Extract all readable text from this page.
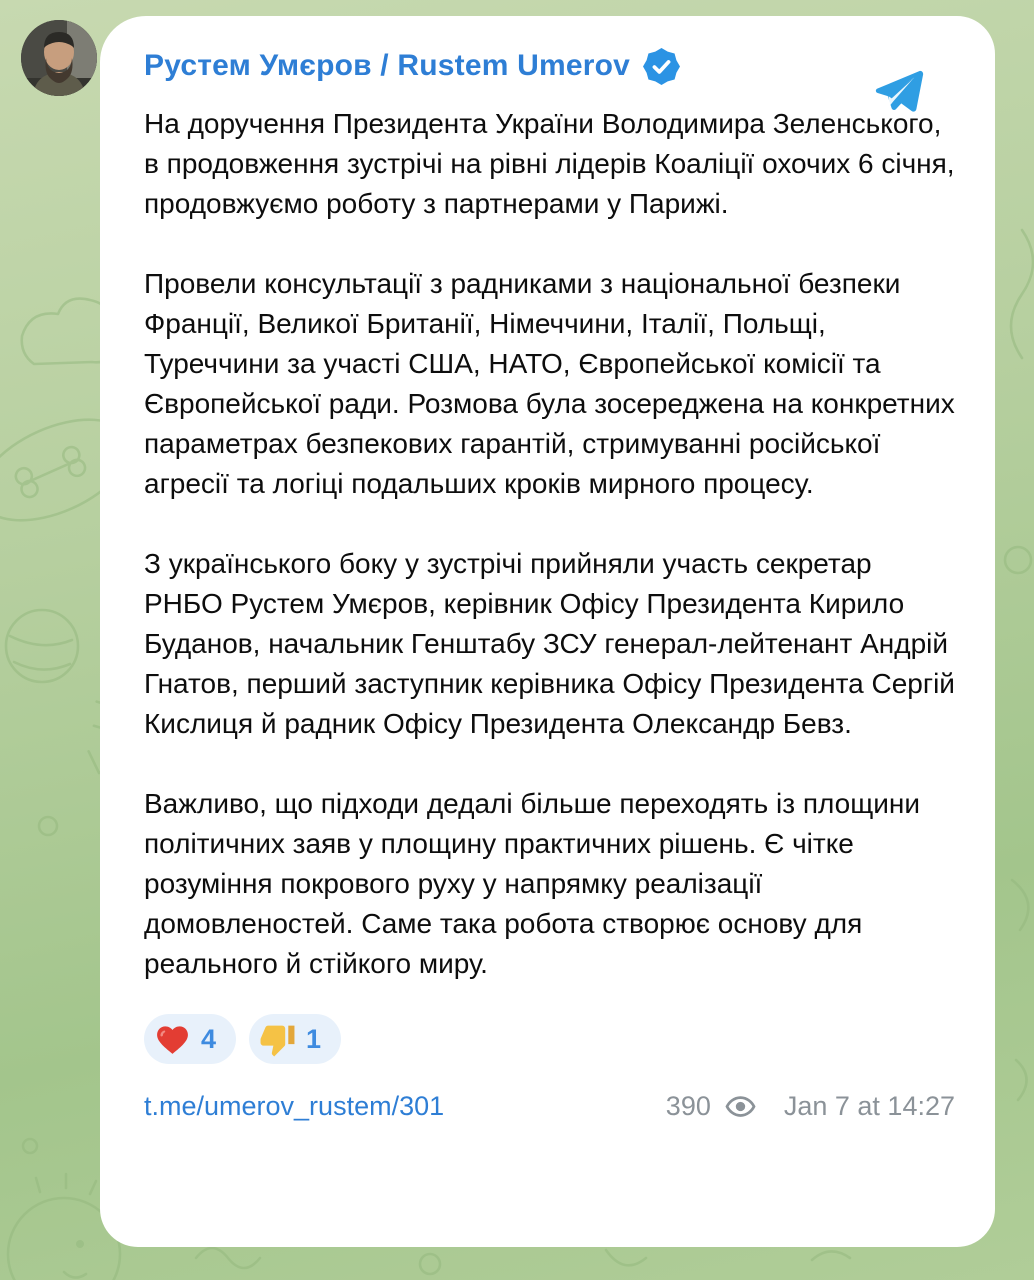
Рустем Умєров / Rustem Umerov

На доручення Президента України Володимира Зеленського, в продовження зустрічі на рівні лідерів Коаліції охочих 6 січня, продовжуємо роботу з партнерами у Парижі.

Провели консультації з радниками з національної безпеки Франції, Великої Британії, Німеччини, Італії, Польщі, Туреччини за участі США, НАТО, Європейської комісії та Європейської ради. Розмова була зосереджена на конкретних параметрах безпекових гарантій, стримуванні російської агресії та логіці подальших кроків мирного процесу.

З українського боку у зустрічі прийняли участь секретар РНБО Рустем Умєров, керівник Офісу Президента Кирило Буданов, начальник Генштабу ЗСУ генерал-лейтенант Андрій Гнатов, перший заступник керівника Офісу Президента Сергій Кислиця й радник Офісу Президента Олександр Бевз.

Важливо, що підходи дедалі більше переходять із площини політичних заяв у площину практичних рішень. Є чітке розуміння покрового руху у напрямку реалізації домовленостей. Саме така робота створює основу для реального й стійкого миру.

4	1
t.me/umerov_rustem/301	390	Jan 7 at 14:27
